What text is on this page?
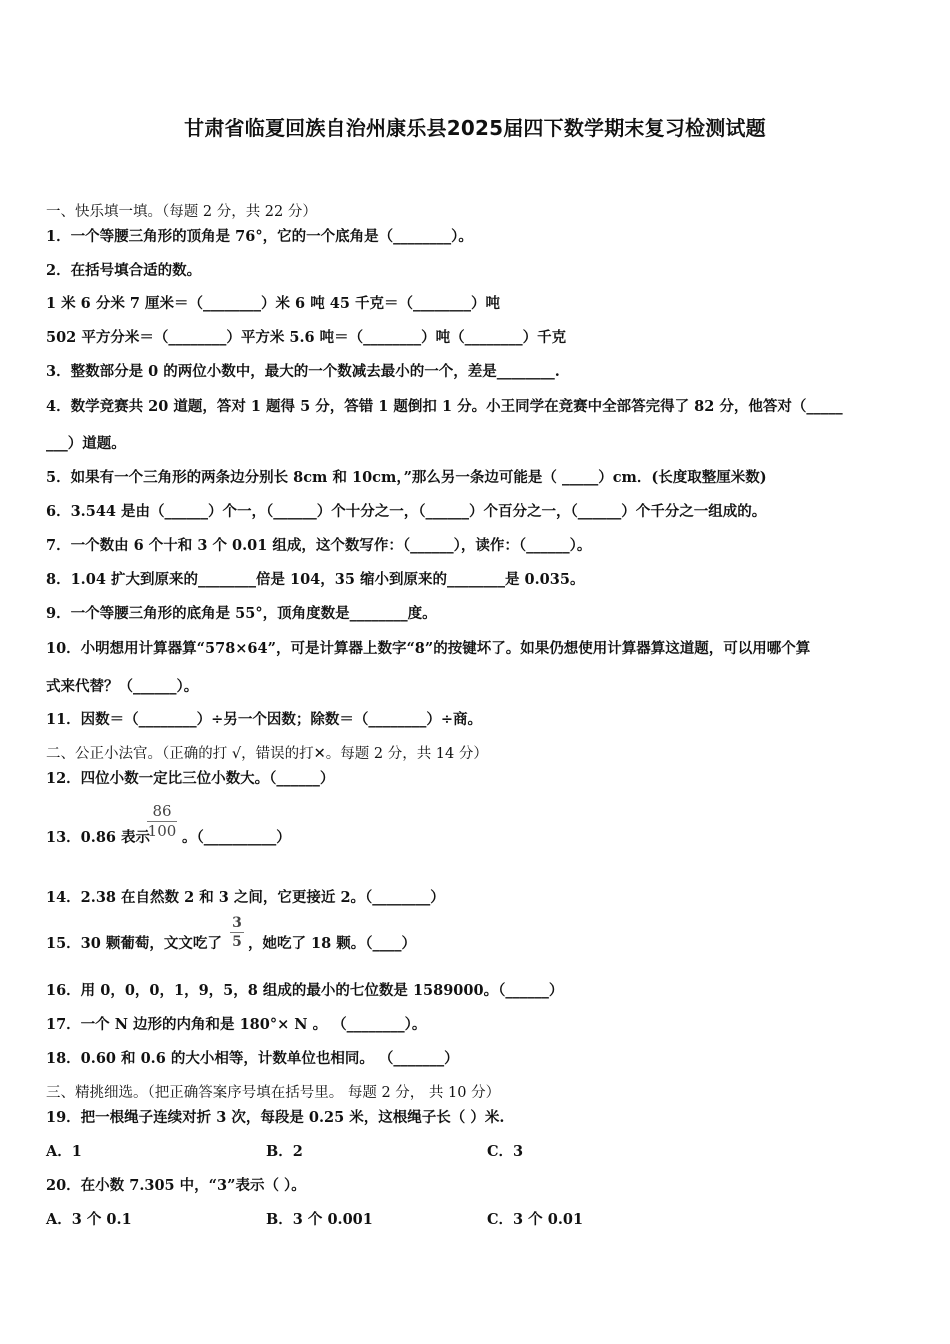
甘肃省临夏回族自治州康乐县2025届四下数学期末复习检测试题
一、快乐填一填。（每题 2 分，共 22 分）
1．一个等腰三角形的顶角是 76°，它的一个底角是（________）。
2．在括号填合适的数。
1 米 6 分米 7 厘米＝（________）米 6 吨 45 千克＝（________）吨
502 平方分米＝（________）平方米 5.6 吨＝（________）吨（________）千克
3．整数部分是 0 的两位小数中，最大的一个数减去最小的一个，差是________.
4．数学竞赛共 20 道题，答对 1 题得 5 分，答错 1 题倒扣 1 分。小王同学在竞赛中全部答完得了 82 分，他答对（_____
___）道题。
5．如果有一个三角形的两条边分别长 8cm 和 10cm，”那么另一条边可能是（ _____）cm．(长度取整厘米数)
6．3.544 是由（______）个一，（______）个十分之一，（______）个百分之一，（______）个千分之一组成的。
7．一个数由 6 个十和 3 个 0.01 组成，这个数写作：（______），读作：（______）。
8．1.04 扩大到原来的________倍是 104，35 缩小到原来的________是 0.035。
9．一个等腰三角形的底角是 55°，顶角度数是________度。
10．小明想用计算器算“578×64”，可是计算器上数字“8”的按键坏了。如果仍想使用计算器算这道题，可以用哪个算
式来代替？（______）。
11．因数＝（________）÷另一个因数；除数＝（________）÷商。
二、公正小法官。（正确的打 √，错误的打✕。每题 2 分，共 14 分）
12．四位小数一定比三位小数大。（______）
13．0.86 表示
86
100 。（__________）
14．2.38 在自然数 2 和 3 之间，它更接近 2。（________）
15．30 颗葡萄，文文吃了
3
5 ，她吃了 18 颗。（____）
16．用 0，0，0，1，9，5，8 组成的最小的七位数是 1589000。（______）
17．一个 N 边形的内角和是 180°× N 。 （________）。
18．0.60 和 0.6 的大小相等，计数单位也相同。 （_______）
三、精挑细选。（把正确答案序号填在括号里。 每题 2 分， 共 10 分）
19．把一根绳子连续对折 3 次，每段是 0.25 米，这根绳子长（ ）米.
A．1	B．2	C．3
20．在小数 7.305 中，“3”表示（ ）。
A．3 个 0.1	B．3 个 0.001	C．3 个 0.01
